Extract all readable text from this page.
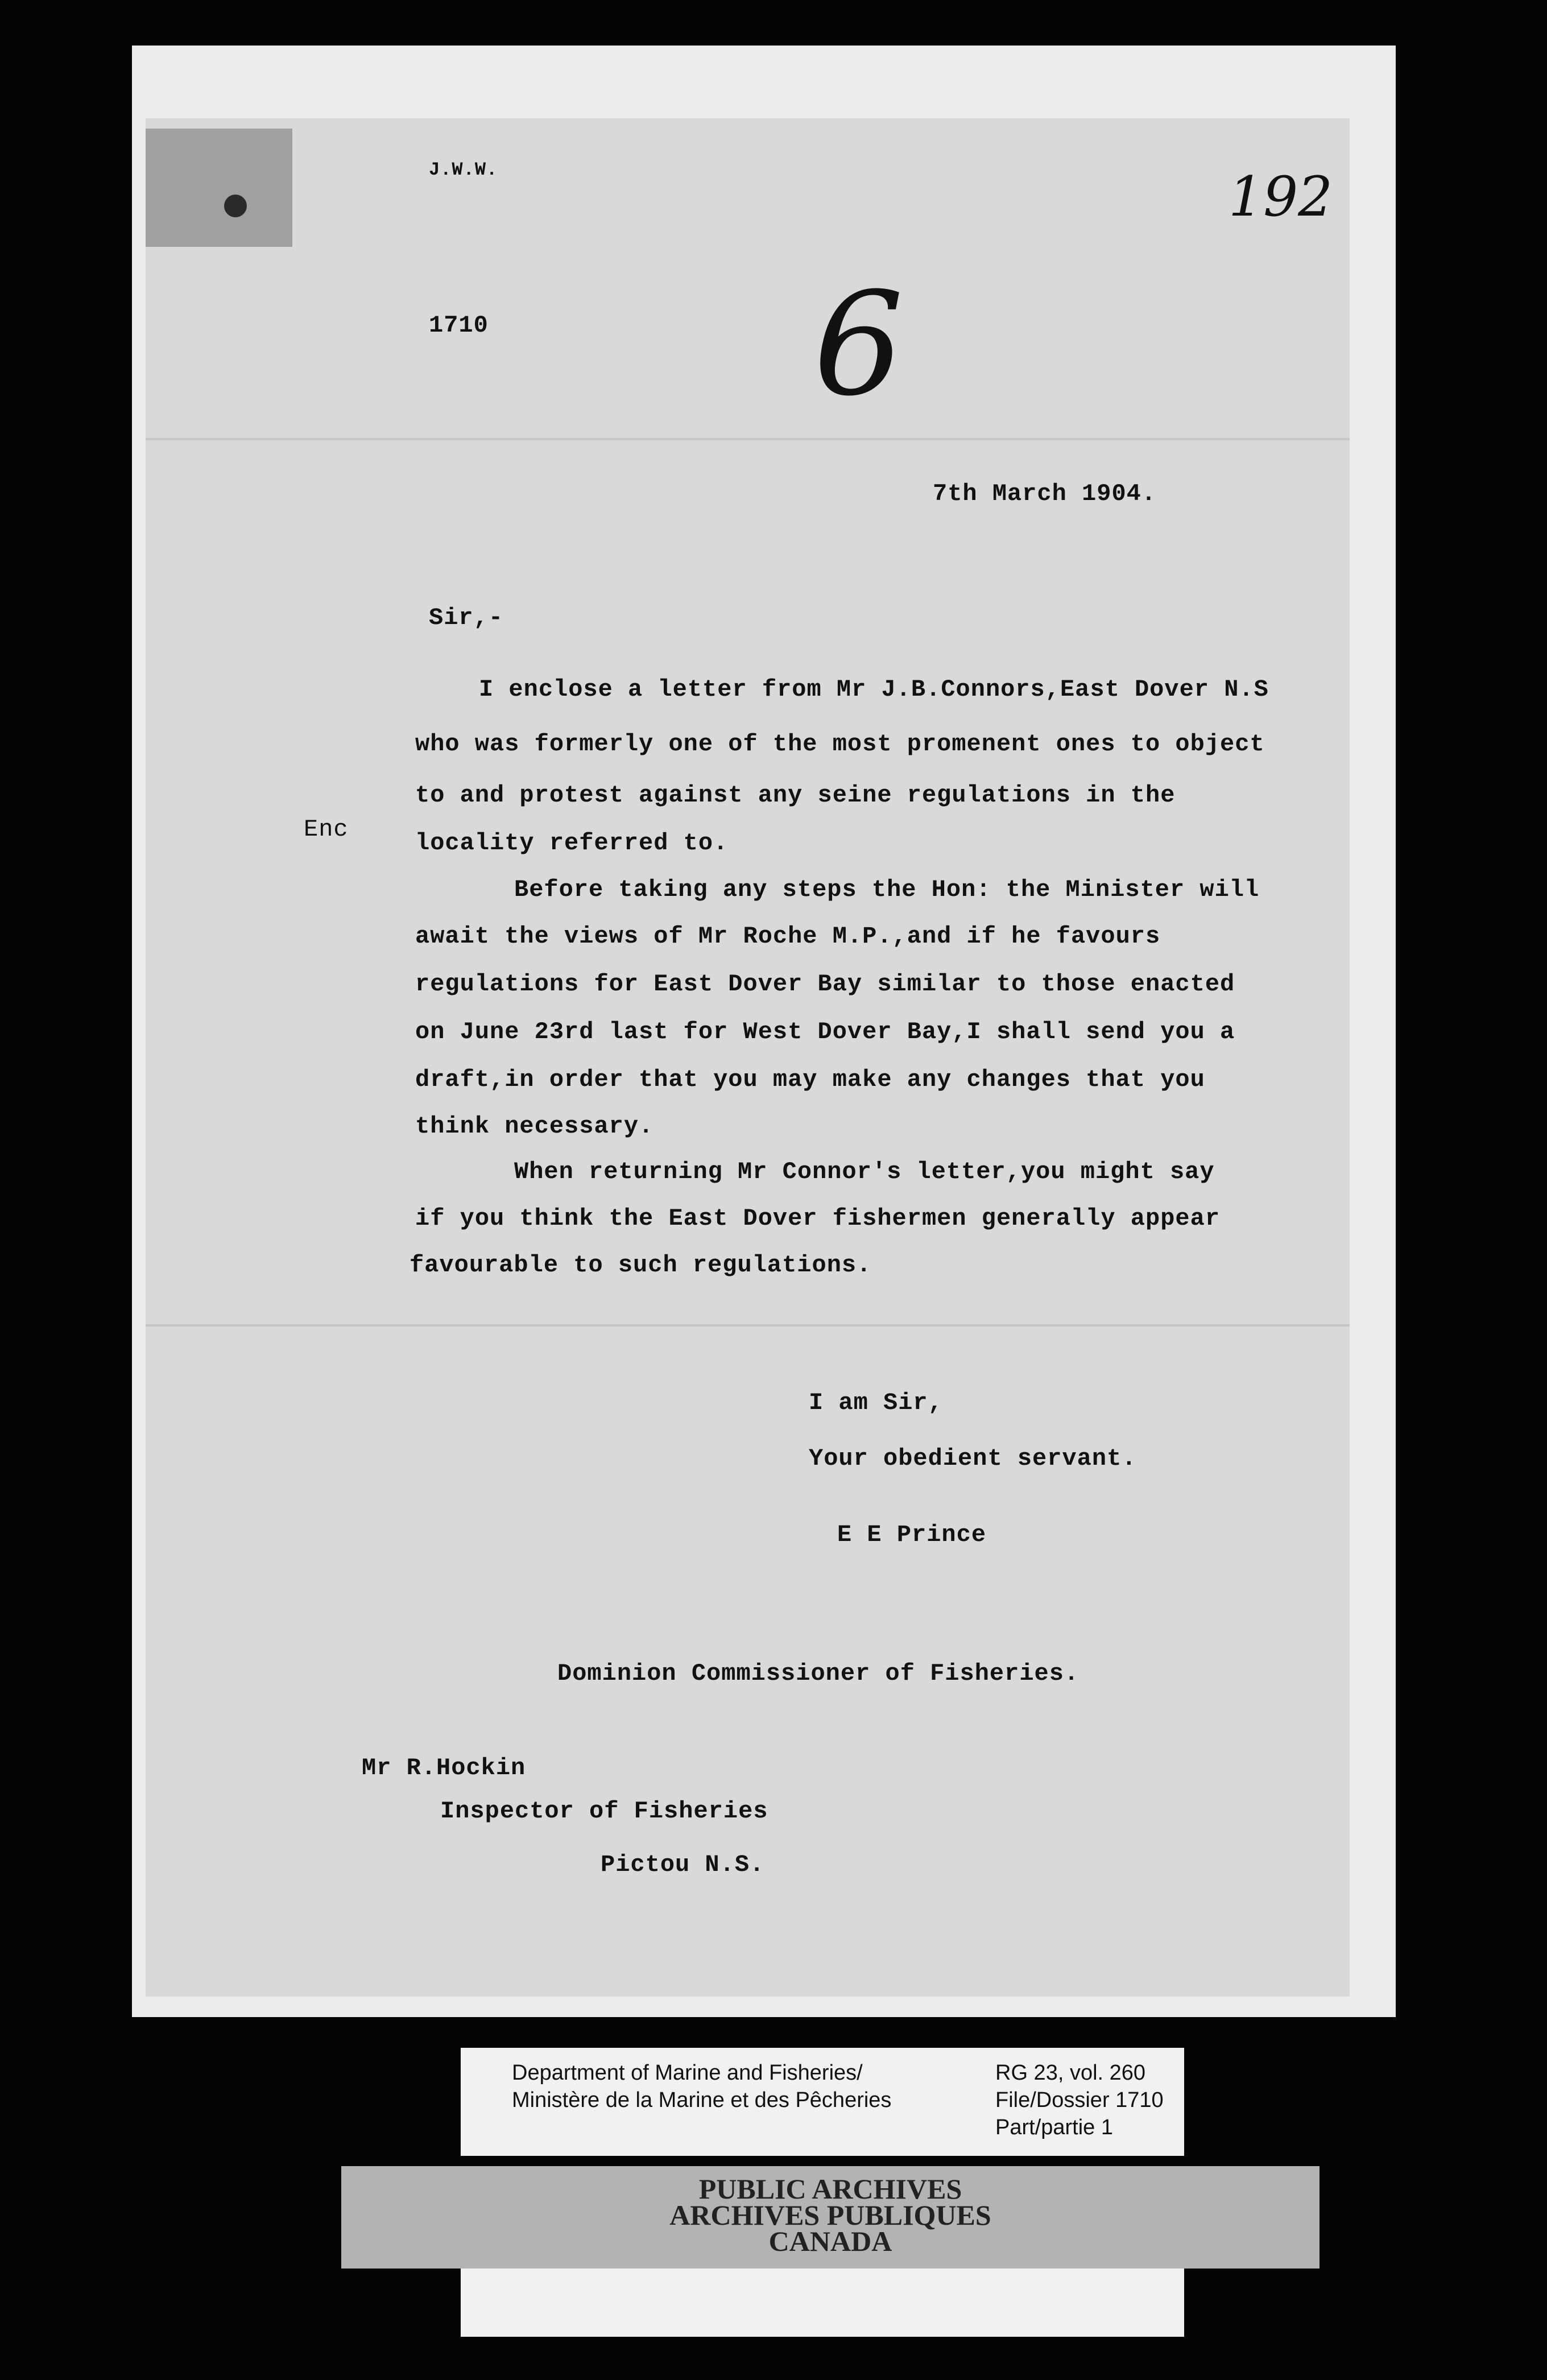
J.W.W.
1710
192
6
7th March 1904.
Sir,-
Enc
I enclose a letter from Mr J.B.Connors,East Dover N.S
who was formerly one of the most promenent ones to object
to and protest against any seine regulations in the
locality referred to.
Before taking any steps the Hon: the Minister will
await the views of Mr Roche M.P.,and if he favours
regulations for East Dover Bay similar to those enacted
on June 23rd last for West Dover Bay,I shall send you a
draft,in order that you may make any changes that you
think necessary.
When returning Mr Connor's letter,you might say
if you think the East Dover fishermen generally appear
favourable to such regulations.
I am Sir,
Your obedient servant.
E E Prince
Dominion Commissioner of Fisheries.
Mr R.Hockin
Inspector of Fisheries
Pictou N.S.
Department of Marine and Fisheries/
Ministère de la Marine et des Pêcheries
RG 23, vol. 260
File/Dossier 1710
Part/partie 1
PUBLIC ARCHIVES
ARCHIVES PUBLIQUES
CANADA
